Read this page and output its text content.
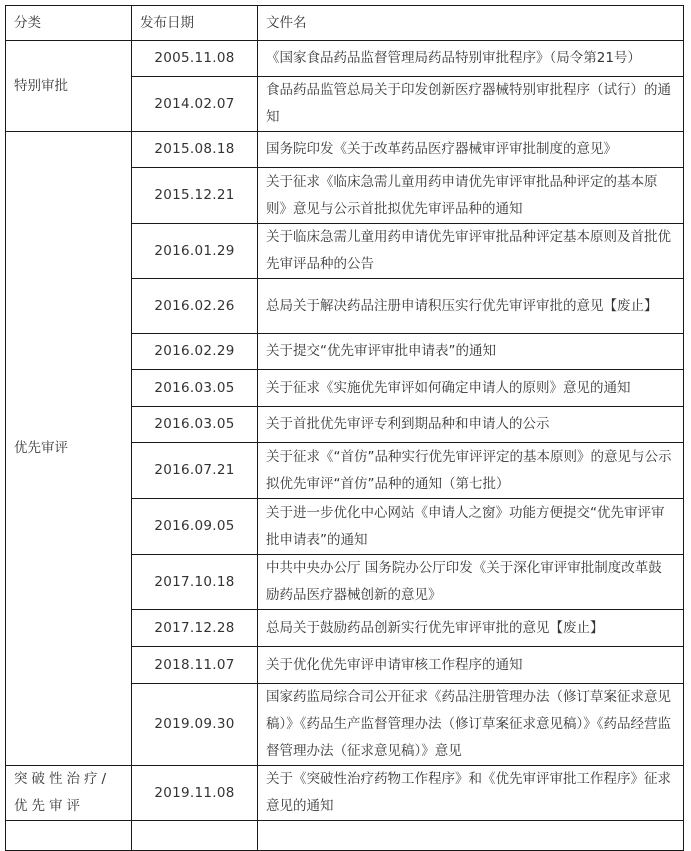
分类	发布日期	文件名
特别审批	2005.11.08	《国家食品药品监督管理局药品特别审批程序》（局令第21号）
	2014.02.07	食品药品监管总局关于印发创新医疗器械特别审批程序（试行）的通知
优先审评	2015.08.18	国务院印发《关于改革药品医疗器械审评审批制度的意见》
	2015.12.21	关于征求《临床急需儿童用药申请优先审评审批品种评定的基本原则》意见与公示首批拟优先审评品种的通知
	2016.01.29	关于临床急需儿童用药申请优先审评审批品种评定基本原则及首批优先审评品种的公告
	2016.02.26	总局关于解决药品注册申请积压实行优先审评审批的意见【废止】
	2016.02.29	关于提交“优先审评审批申请表”的通知
	2016.03.05	关于征求《实施优先审评如何确定申请人的原则》意见的通知
	2016.03.05	关于首批优先审评专利到期品种和申请人的公示
	2016.07.21	关于征求《“首仿”品种实行优先审评评定的基本原则》的意见与公示拟优先审评“首仿”品种的通知（第七批）
	2016.09.05	关于进一步优化中心网站《申请人之窗》功能方便提交“优先审评审批申请表”的通知
	2017.10.18	中共中央办公厅 国务院办公厅印发《关于深化审评审批制度改革鼓励药品医疗器械创新的意见》
	2017.12.28	总局关于鼓励药品创新实行优先审评审批的意见【废止】
	2018.11.07	关于优化优先审评申请审核工作程序的通知
	2019.09.30	国家药监局综合司公开征求《药品注册管理办法（修订草案征求意见稿）》《药品生产监督管理办法（修订草案征求意见稿）》《药品经营监督管理办法（征求意见稿）》意见
突破性治疗/优先审评	2019.11.08	关于《突破性治疗药物工作程序》和《优先审评审批工作程序》征求意见的通知
